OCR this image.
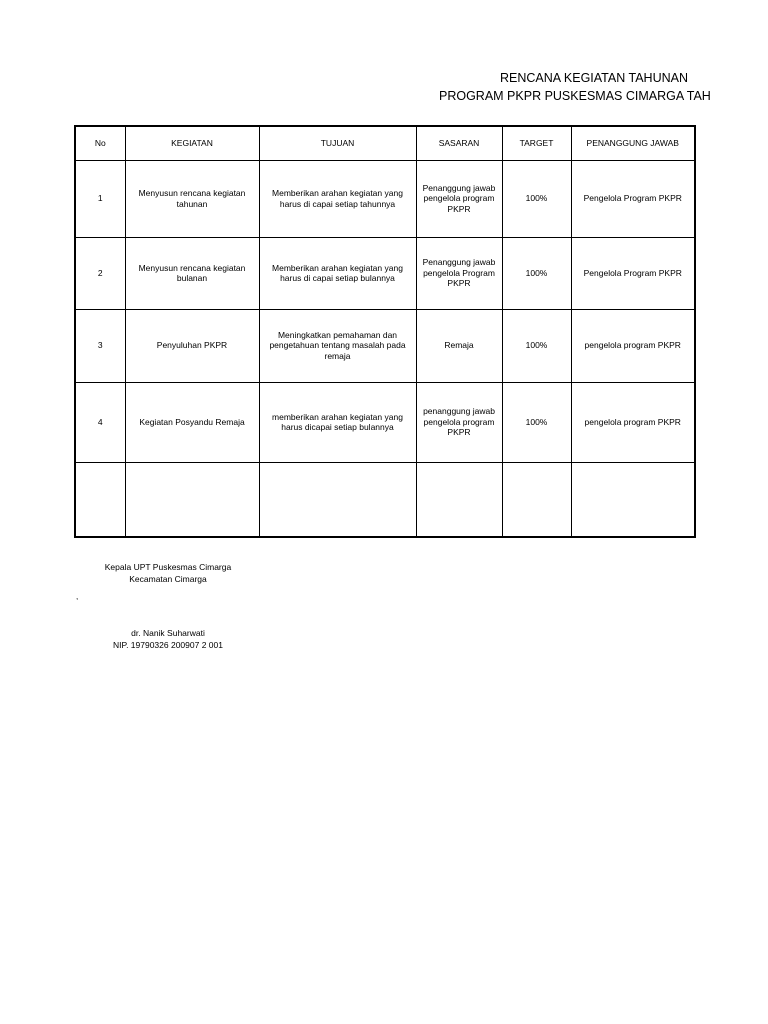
RENCANA KEGIATAN TAHUNAN
PROGRAM PKPR PUSKESMAS CIMARGA TAH
No	KEGIATAN	TUJUAN	SASARAN	TARGET	PENANGGUNG JAWAB
1	Menyusun rencana kegiatan tahunan	Memberikan arahan kegiatan yang harus di capai setiap tahunnya	Penanggung jawab pengelola program PKPR	100%	Pengelola Program PKPR
2	Menyusun rencana kegiatan bulanan	Memberikan arahan kegiatan yang harus di capai setiap bulannya	Penanggung jawab pengelola Program PKPR	100%	Pengelola Program PKPR
3	Penyuluhan PKPR	Meningkatkan pemahaman dan pengetahuan tentang masalah pada remaja	Remaja	100%	pengelola program PKPR
4	Kegiatan Posyandu Remaja	memberikan arahan kegiatan yang harus dicapai setiap bulannya	penanggung jawab pengelola program PKPR	100%	pengelola program PKPR

,
Kepala UPT Puskesmas Cimarga
Kecamatan Cimarga
dr. Nanik Suharwati
NIP. 19790326 200907 2 001
